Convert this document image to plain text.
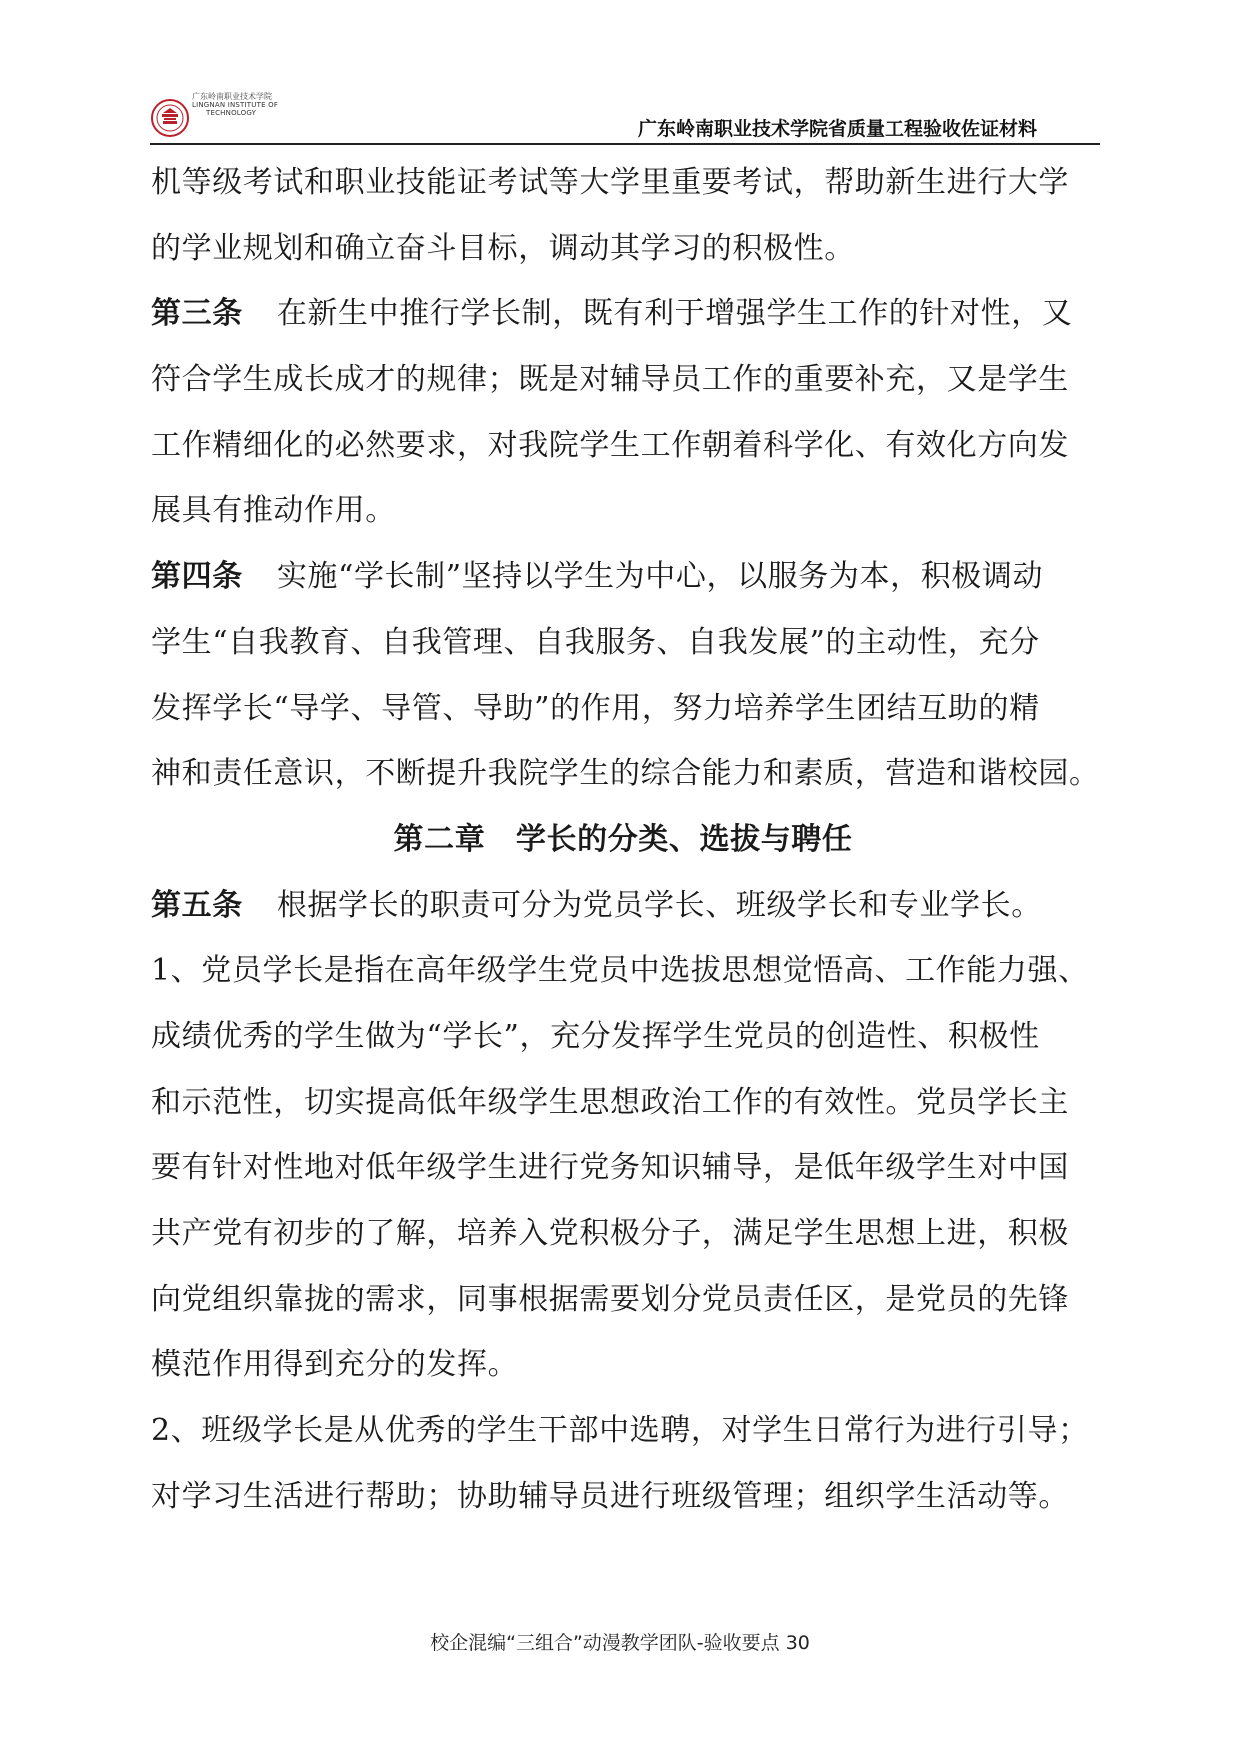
广东岭南职业技术学院
LINGNAN INSTITUTE OF
TECHNOLOGY
广东岭南职业技术学院省质量工程验收佐证材料
机等级考试和职业技能证考试等大学里重要考试，帮助新生进行大学
的学业规划和确立奋斗目标，调动其学习的积极性。
第三条 在新生中推行学长制，既有利于增强学生工作的针对性，又
符合学生成长成才的规律；既是对辅导员工作的重要补充，又是学生
工作精细化的必然要求，对我院学生工作朝着科学化、有效化方向发
展具有推动作用。
第四条 实施“学长制”坚持以学生为中心，以服务为本，积极调动
学生“自我教育、自我管理、自我服务、自我发展”的主动性，充分
发挥学长“导学、导管、导助”的作用，努力培养学生团结互助的精
神和责任意识，不断提升我院学生的综合能力和素质，营造和谐校园。
第二章　学长的分类、选拔与聘任
第五条 根据学长的职责可分为党员学长、班级学长和专业学长。
1、党员学长是指在高年级学生党员中选拔思想觉悟高、工作能力强、
成绩优秀的学生做为“学长”，充分发挥学生党员的创造性、积极性
和示范性，切实提高低年级学生思想政治工作的有效性。党员学长主
要有针对性地对低年级学生进行党务知识辅导，是低年级学生对中国
共产党有初步的了解，培养入党积极分子，满足学生思想上进，积极
向党组织靠拢的需求，同事根据需要划分党员责任区，是党员的先锋
模范作用得到充分的发挥。
2、班级学长是从优秀的学生干部中选聘，对学生日常行为进行引导；
对学习生活进行帮助；协助辅导员进行班级管理；组织学生活动等。
校企混编“三组合”动漫教学团队-验收要点 30
